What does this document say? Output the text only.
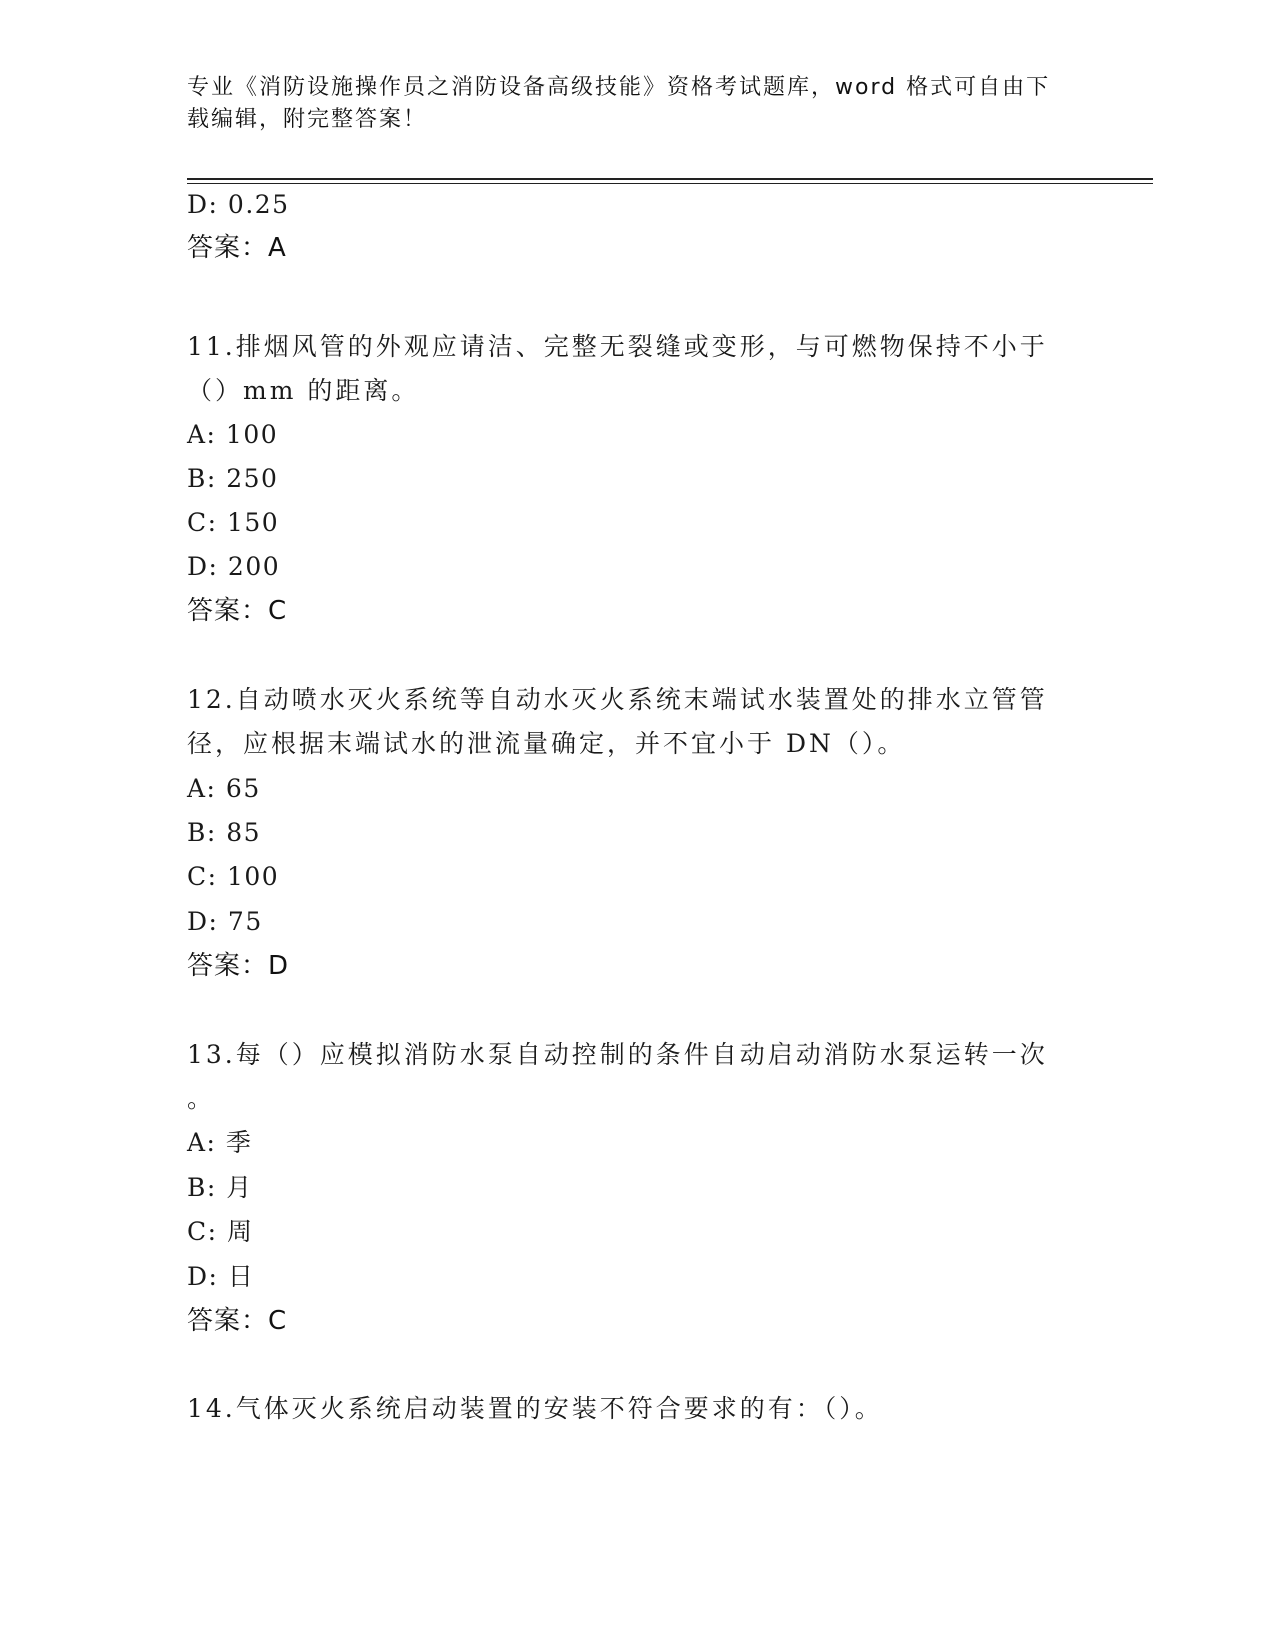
专业《消防设施操作员之消防设备高级技能》资格考试题库，word 格式可自由下
载编辑，附完整答案！
D: 0.25
答案：A
11.排烟风管的外观应请洁、完整无裂缝或变形，与可燃物保持不小于
（）mm 的距离。
A: 100
B: 250
C: 150
D: 200
答案：C
12.自动喷水灭火系统等自动水灭火系统末端试水装置处的排水立管管
径，应根据末端试水的泄流量确定，并不宜小于 DN（）。
A: 65
B: 85
C: 100
D: 75
答案：D
13.每（）应模拟消防水泵自动控制的条件自动启动消防水泵运转一次
。
A: 季
B: 月
C: 周
D: 日
答案：C
14.气体灭火系统启动装置的安装不符合要求的有：（）。
